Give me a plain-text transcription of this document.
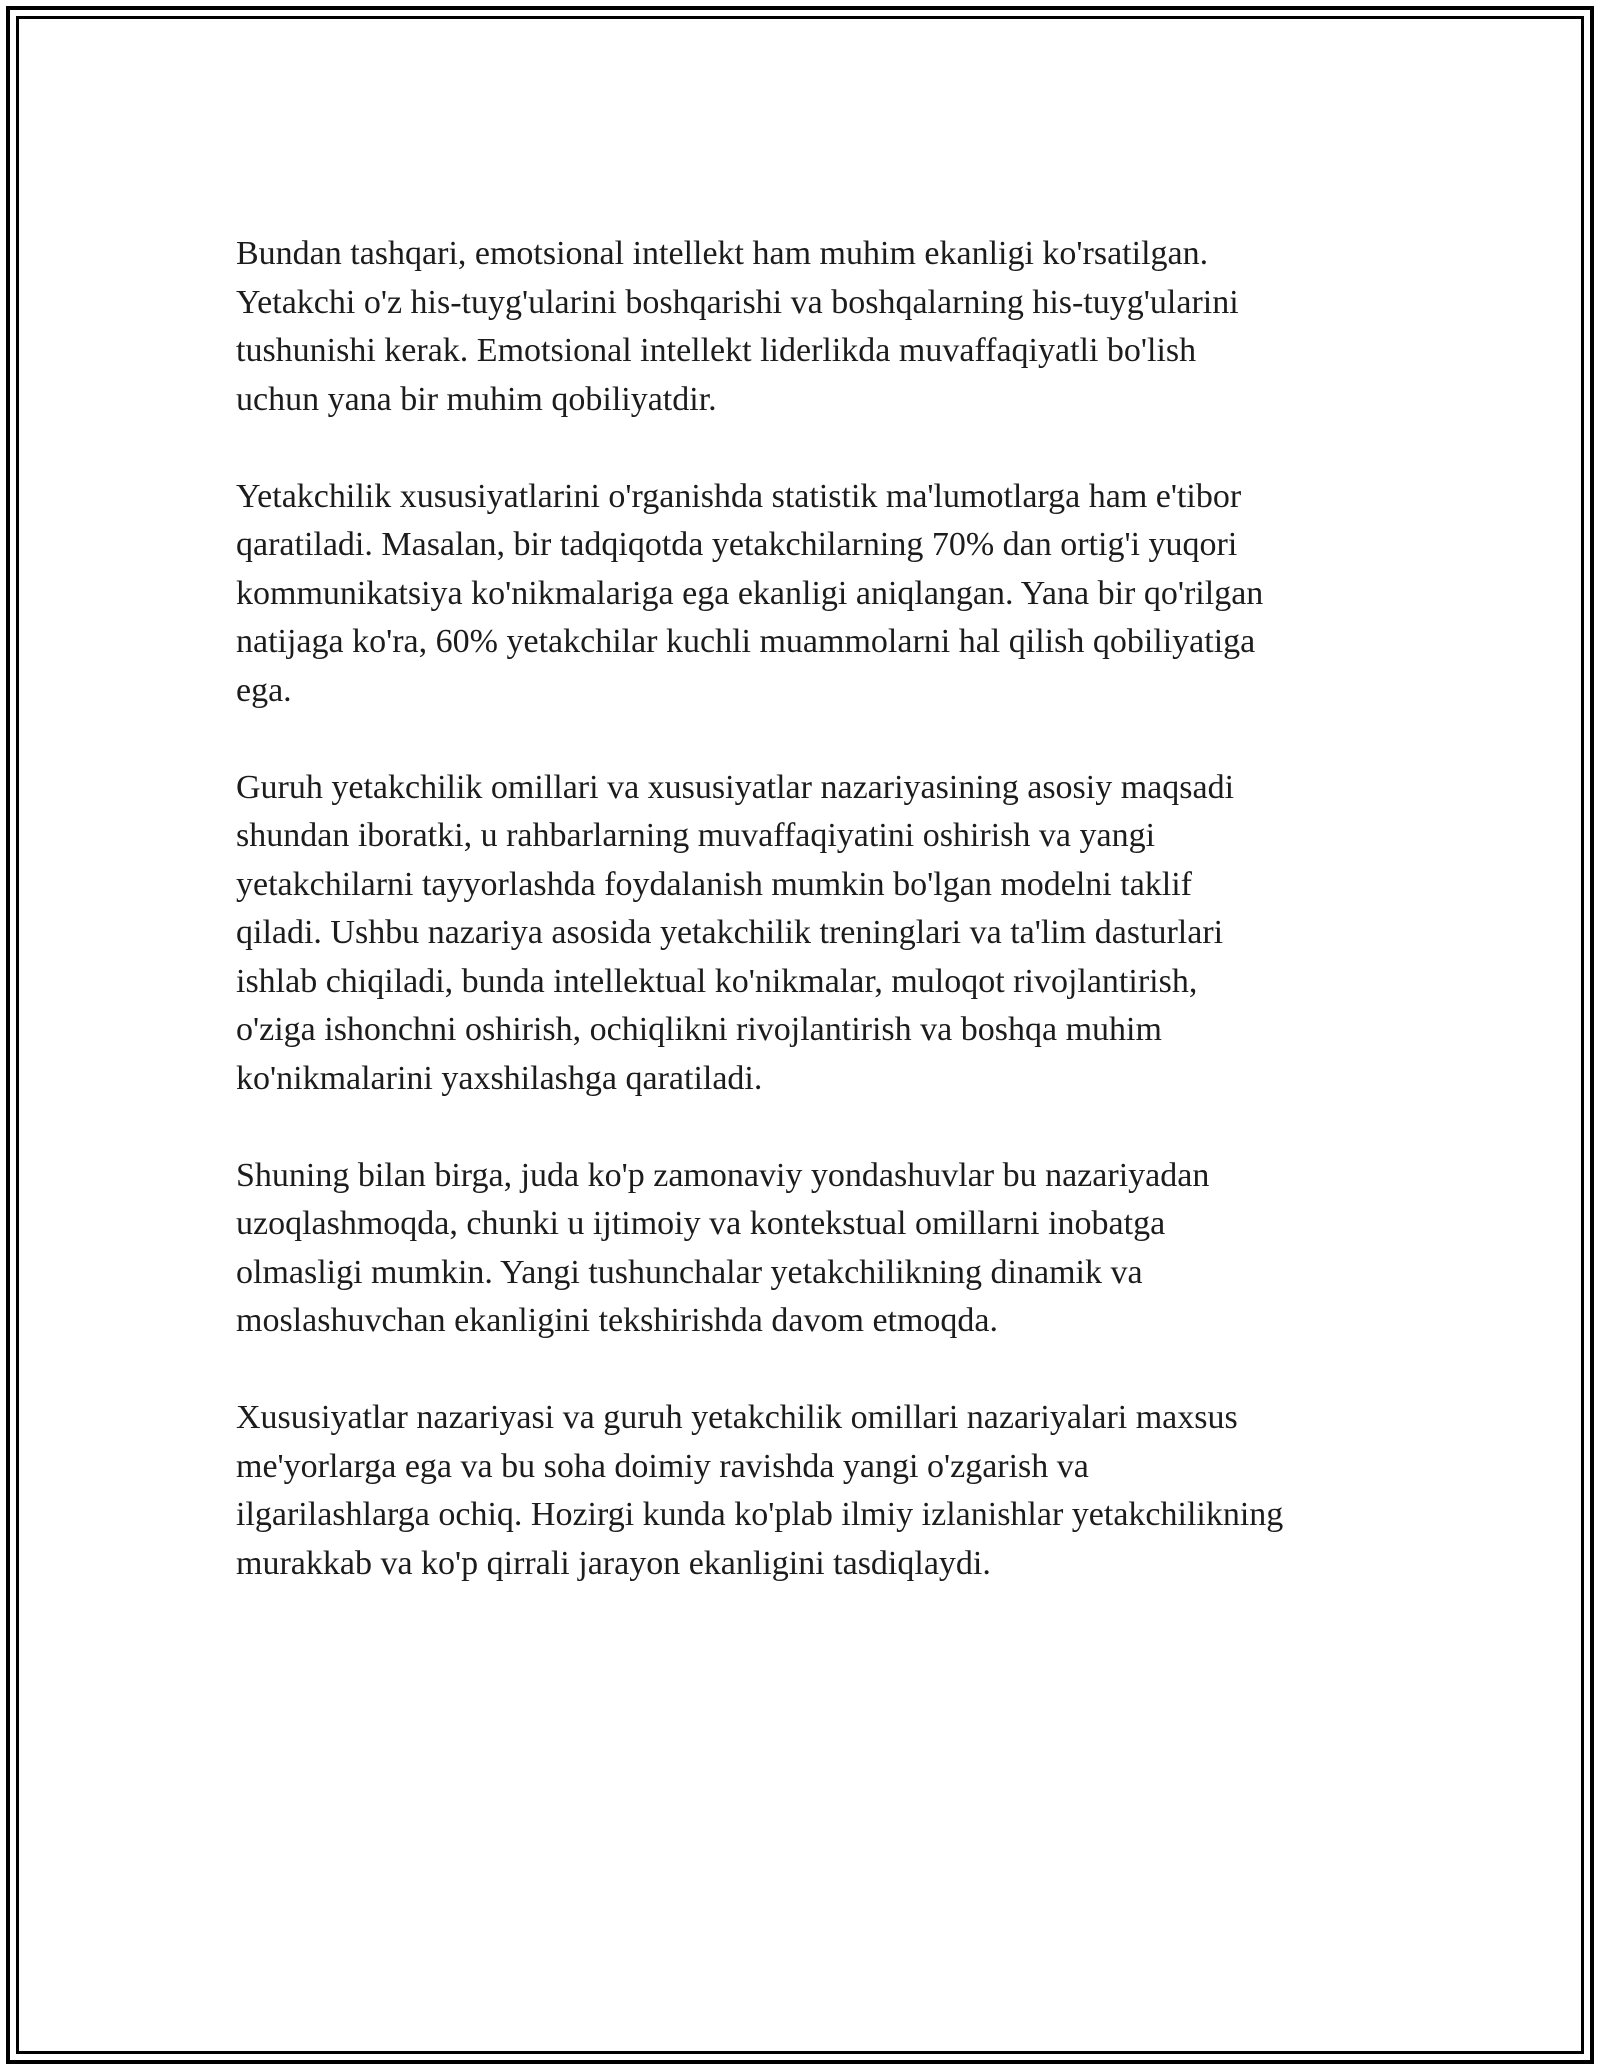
Bundan tashqari, emotsional intellekt ham muhim ekanligi ko'rsatilgan.
Yetakchi o'z his-tuyg'ularini boshqarishi va boshqalarning his-tuyg'ularini
tushunishi kerak. Emotsional intellekt liderlikda muvaffaqiyatli bo'lish
uchun yana bir muhim qobiliyatdir.

Yetakchilik xususiyatlarini o'rganishda statistik ma'lumotlarga ham e'tibor
qaratiladi. Masalan, bir tadqiqotda yetakchilarning 70% dan ortig'i yuqori
kommunikatsiya ko'nikmalariga ega ekanligi aniqlangan. Yana bir qo'rilgan
natijaga ko'ra, 60% yetakchilar kuchli muammolarni hal qilish qobiliyatiga
ega.

Guruh yetakchilik omillari va xususiyatlar nazariyasining asosiy maqsadi
shundan iboratki, u rahbarlarning muvaffaqiyatini oshirish va yangi
yetakchilarni tayyorlashda foydalanish mumkin bo'lgan modelni taklif
qiladi. Ushbu nazariya asosida yetakchilik treninglari va ta'lim dasturlari
ishlab chiqiladi, bunda intellektual ko'nikmalar, muloqot rivojlantirish,
o'ziga ishonchni oshirish, ochiqlikni rivojlantirish va boshqa muhim
ko'nikmalarini yaxshilashga qaratiladi.

Shuning bilan birga, juda ko'p zamonaviy yondashuvlar bu nazariyadan
uzoqlashmoqda, chunki u ijtimoiy va kontekstual omillarni inobatga
olmasligi mumkin. Yangi tushunchalar yetakchilikning dinamik va
moslashuvchan ekanligini tekshirishda davom etmoqda.

Xususiyatlar nazariyasi va guruh yetakchilik omillari nazariyalari maxsus
me'yorlarga ega va bu soha doimiy ravishda yangi o'zgarish va
ilgarilashlarga ochiq. Hozirgi kunda ko'plab ilmiy izlanishlar yetakchilikning
murakkab va ko'p qirrali jarayon ekanligini tasdiqlaydi.
